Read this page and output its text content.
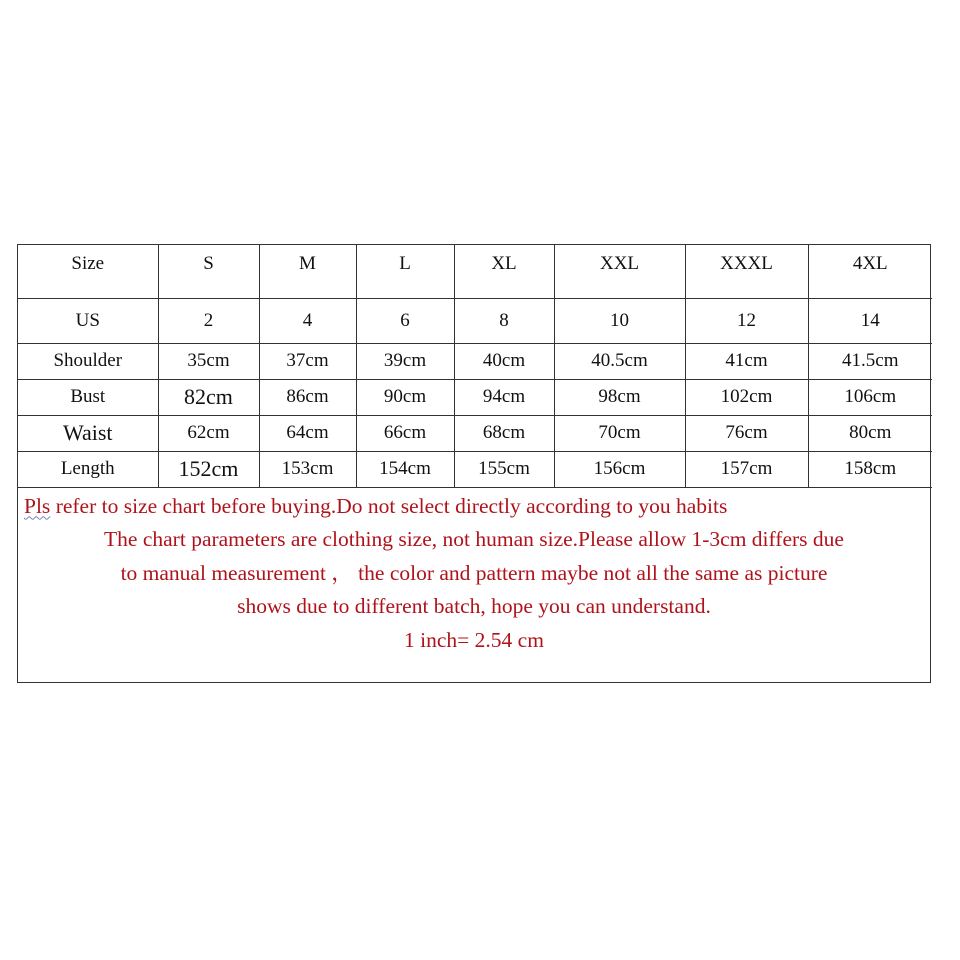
Size	S	M	L	XL	XXL	XXXL	4XL
US	2	4	6	8	10	12	14
Shoulder	35cm	37cm	39cm	40cm	40.5cm	41cm	41.5cm
Bust	82cm	86cm	90cm	94cm	98cm	102cm	106cm
Waist	62cm	64cm	66cm	68cm	70cm	76cm	80cm
Length	152cm	153cm	154cm	155cm	156cm	157cm	158cm
Pls refer to size chart before buying.Do not select directly according to you habits
The chart parameters are clothing size, not human size.Please allow 1-3cm differs due
to manual measurement ， the color and pattern maybe not all the same as picture
shows due to different batch, hope you can understand.
1 inch= 2.54 cm
